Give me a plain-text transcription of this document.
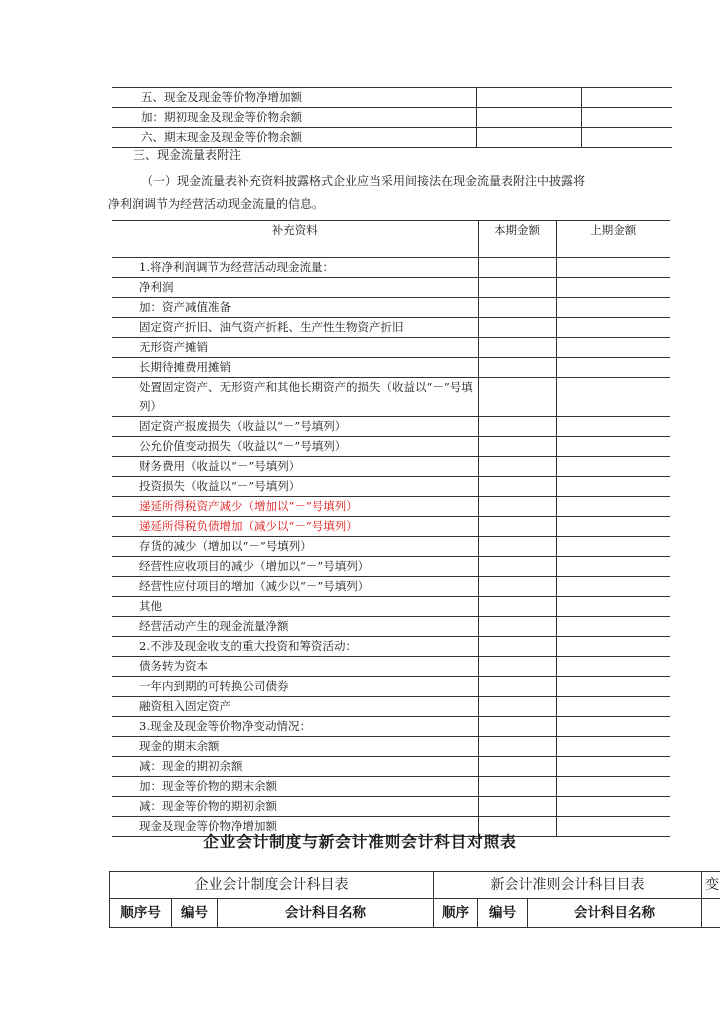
五、现金及现金等价物净增加额		
加：期初现金及现金等价物余额		
六、期末现金及现金等价物余额		
三、现金流量表附注
（一）现金流量表补充资料披露格式企业应当采用间接法在现金流量表附注中披露将
净利润调节为经营活动现金流量的信息。
补充资料	本期金额	上期金额
1.将净利润调节为经营活动现金流量：		
净利润		
加：资产减值准备		
固定资产折旧、油气资产折耗、生产性生物资产折旧		
无形资产摊销		
长期待摊费用摊销		
处置固定资产、无形资产和其他长期资产的损失（收益以“－”号填列）		
固定资产报废损失（收益以“－”号填列）		
公允价值变动损失（收益以“－”号填列）		
财务费用（收益以“－”号填列）		
投资损失（收益以“－”号填列）		
递延所得税资产减少（增加以“－”号填列）		
递延所得税负债增加（减少以“－”号填列）		
存货的减少（增加以“－”号填列）		
经营性应收项目的减少（增加以“－”号填列）		
经营性应付项目的增加（减少以“－”号填列）		
其他		
经营活动产生的现金流量净额		
2.不涉及现金收支的重大投资和筹资活动：		
债务转为资本		
一年内到期的可转换公司债券		
融资租入固定资产		
3.现金及现金等价物净变动情况：		
现金的期末余额		
减：现金的期初余额		
加：现金等价物的期末余额		
减：现金等价物的期初余额		
现金及现金等价物净增加额		
企业会计制度与新会计准则会计科目对照表
企业会计制度会计科目表			新会计准则会计科目目表			变
顺序号	编号	会计科目名称	顺序	编号	会计科目名称	
